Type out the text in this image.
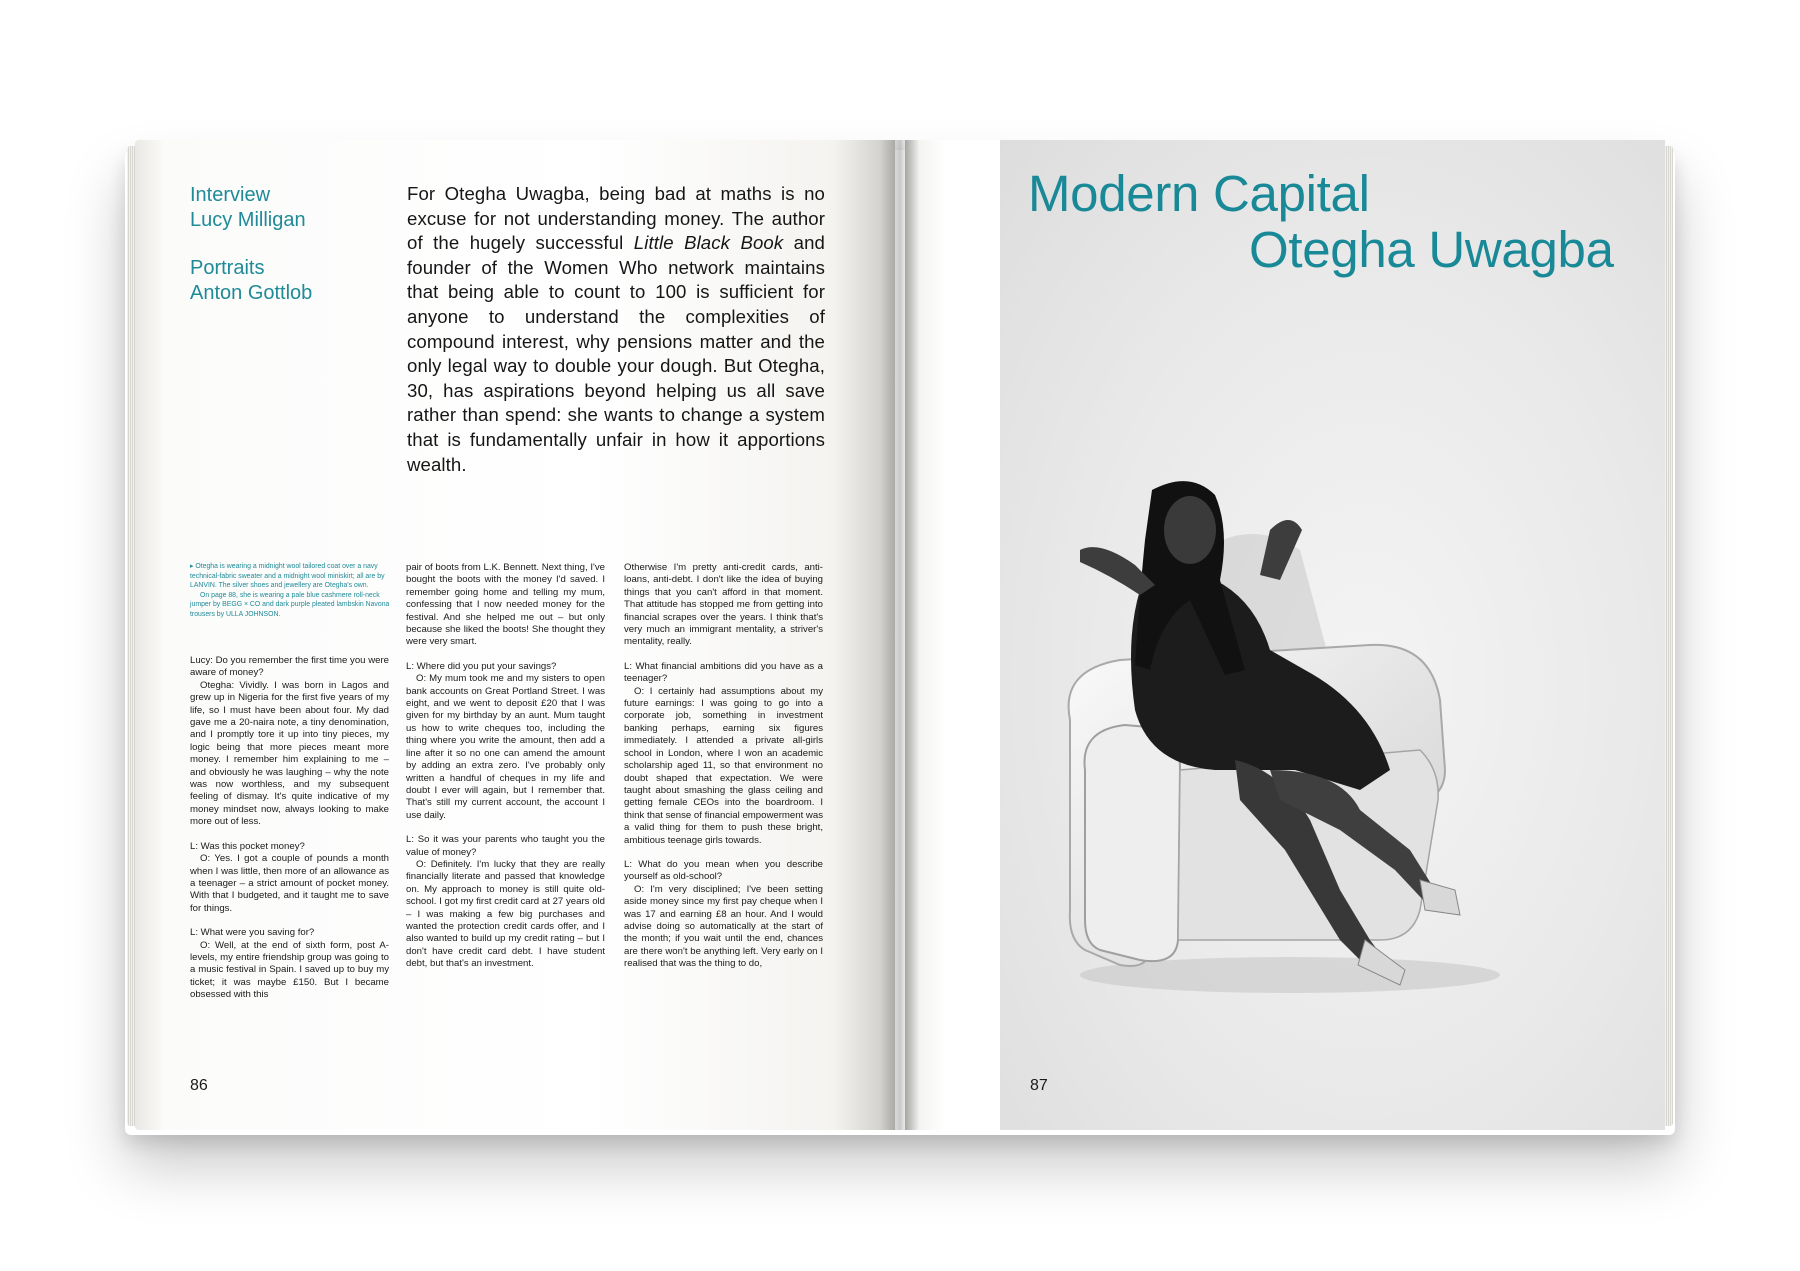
Interview
Lucy Milligan
Portraits
Anton Gottlob
For Otegha Uwagba, being bad at maths is no excuse for not understanding money. The author of the hugely successful Little Black Book and founder of the Women Who network maintains that being able to count to 100 is sufficient for anyone to understand the complexities of compound interest, why pensions matter and the only legal way to double your dough. But Otegha, 30, has aspirations beyond helping us all save rather than spend: she wants to change a system that is fundamentally unfair in how it apportions wealth.

▸ Otegha is wearing a midnight wool tailored coat over a navy technical-fabric sweater and a midnight wool miniskirt; all are by LANVIN. The silver shoes and jewellery are Otegha's own.

On page 88, she is wearing a pale blue cashmere roll-neck jumper by BEGG × CO and dark purple pleated lambskin Navona trousers by ULLA JOHNSON.

Lucy: Do you remember the first time you were aware of money?

Otegha: Vividly. I was born in Lagos and grew up in Nigeria for the first five years of my life, so I must have been about four. My dad gave me a 20-naira note, a tiny denomination, and I promptly tore it up into tiny pieces, my logic being that more pieces meant more money. I remember him explaining to me – and obviously he was laughing – why the note was now worthless, and my subsequent feeling of dismay. It's quite indicative of my money mindset now, always looking to make more out of less.

L: Was this pocket money?

O: Yes. I got a couple of pounds a month when I was little, then more of an allowance as a teenager – a strict amount of pocket money. With that I budgeted, and it taught me to save for things.

L: What were you saving for?

O: Well, at the end of sixth form, post A-levels, my entire friendship group was going to a music festival in Spain. I saved up to buy my ticket; it was maybe £150. But I became obsessed with this

pair of boots from L.K. Bennett. Next thing, I've bought the boots with the money I'd saved. I remember going home and telling my mum, confessing that I now needed money for the festival. And she helped me out – but only because she liked the boots! She thought they were very smart.

L: Where did you put your savings?

O: My mum took me and my sisters to open bank accounts on Great Portland Street. I was eight, and we went to deposit £20 that I was given for my birthday by an aunt. Mum taught us how to write cheques too, including the thing where you write the amount, then add a line after it so no one can amend the amount by adding an extra zero. I've probably only written a handful of cheques in my life and doubt I ever will again, but I remember that. That's still my current account, the account I use daily.

L: So it was your parents who taught you the value of money?

O: Definitely. I'm lucky that they are really financially literate and passed that knowledge on. My approach to money is still quite old-school. I got my first credit card at 27 years old – I was making a few big purchases and wanted the protection credit cards offer, and I also wanted to build up my credit rating – but I don't have credit card debt. I have student debt, but that's an investment.

Otherwise I'm pretty anti-credit cards, anti-loans, anti-debt. I don't like the idea of buying things that you can't afford in that moment. That attitude has stopped me from getting into financial scrapes over the years. I think that's very much an immigrant mentality, a striver's mentality, really.

L: What financial ambitions did you have as a teenager?

O: I certainly had assumptions about my future earnings: I was going to go into a corporate job, something in investment banking perhaps, earning six figures immediately. I attended a private all-girls school in London, where I won an academic scholarship aged 11, so that environment no doubt shaped that expectation. We were taught about smashing the glass ceiling and getting female CEOs into the boardroom. I think that sense of financial empowerment was a valid thing for them to push these bright, ambitious teenage girls towards.

L: What do you mean when you describe yourself as old-school?

O: I'm very disciplined; I've been setting aside money since my first pay cheque when I was 17 and earning £8 an hour. And I would advise doing so automatically at the start of the month; if you wait until the end, chances are there won't be anything left. Very early on I realised that was the thing to do,

86	87
Modern Capital
Otegha Uwagba
